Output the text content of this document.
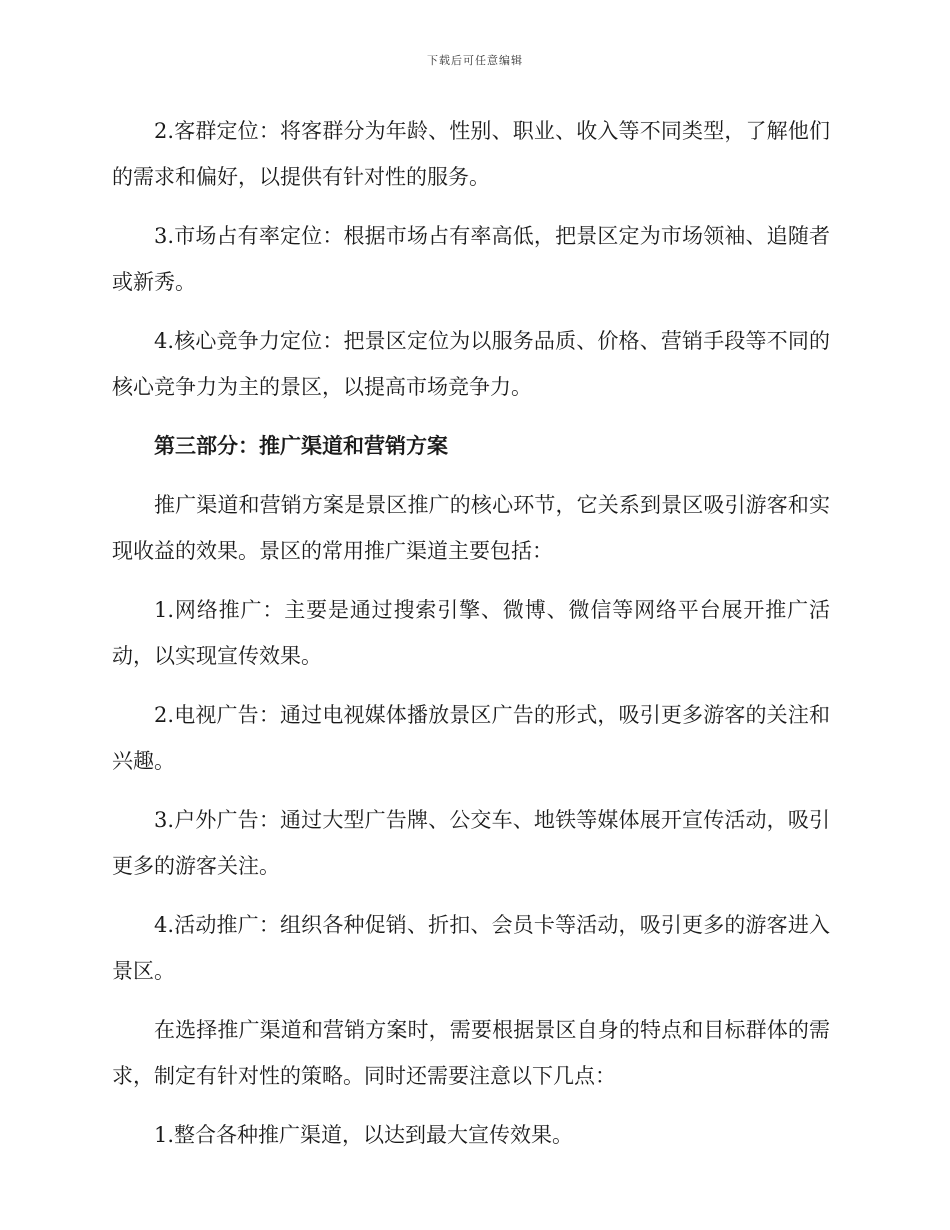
下载后可任意编辑

2.客群定位：将客群分为年龄、性别、职业、收入等不同类型，了解他们的需求和偏好，以提供有针对性的服务。

3.市场占有率定位：根据市场占有率高低，把景区定为市场领袖、追随者或新秀。

4.核心竞争力定位：把景区定位为以服务品质、价格、营销手段等不同的核心竞争力为主的景区，以提高市场竞争力。

第三部分：推广渠道和营销方案

推广渠道和营销方案是景区推广的核心环节，它关系到景区吸引游客和实现收益的效果。景区的常用推广渠道主要包括：

1.网络推广：主要是通过搜索引擎、微博、微信等网络平台展开推广活动，以实现宣传效果。

2.电视广告：通过电视媒体播放景区广告的形式，吸引更多游客的关注和兴趣。

3.户外广告：通过大型广告牌、公交车、地铁等媒体展开宣传活动，吸引更多的游客关注。

4.活动推广：组织各种促销、折扣、会员卡等活动，吸引更多的游客进入景区。

在选择推广渠道和营销方案时，需要根据景区自身的特点和目标群体的需求，制定有针对性的策略。同时还需要注意以下几点：

1.整合各种推广渠道，以达到最大宣传效果。
